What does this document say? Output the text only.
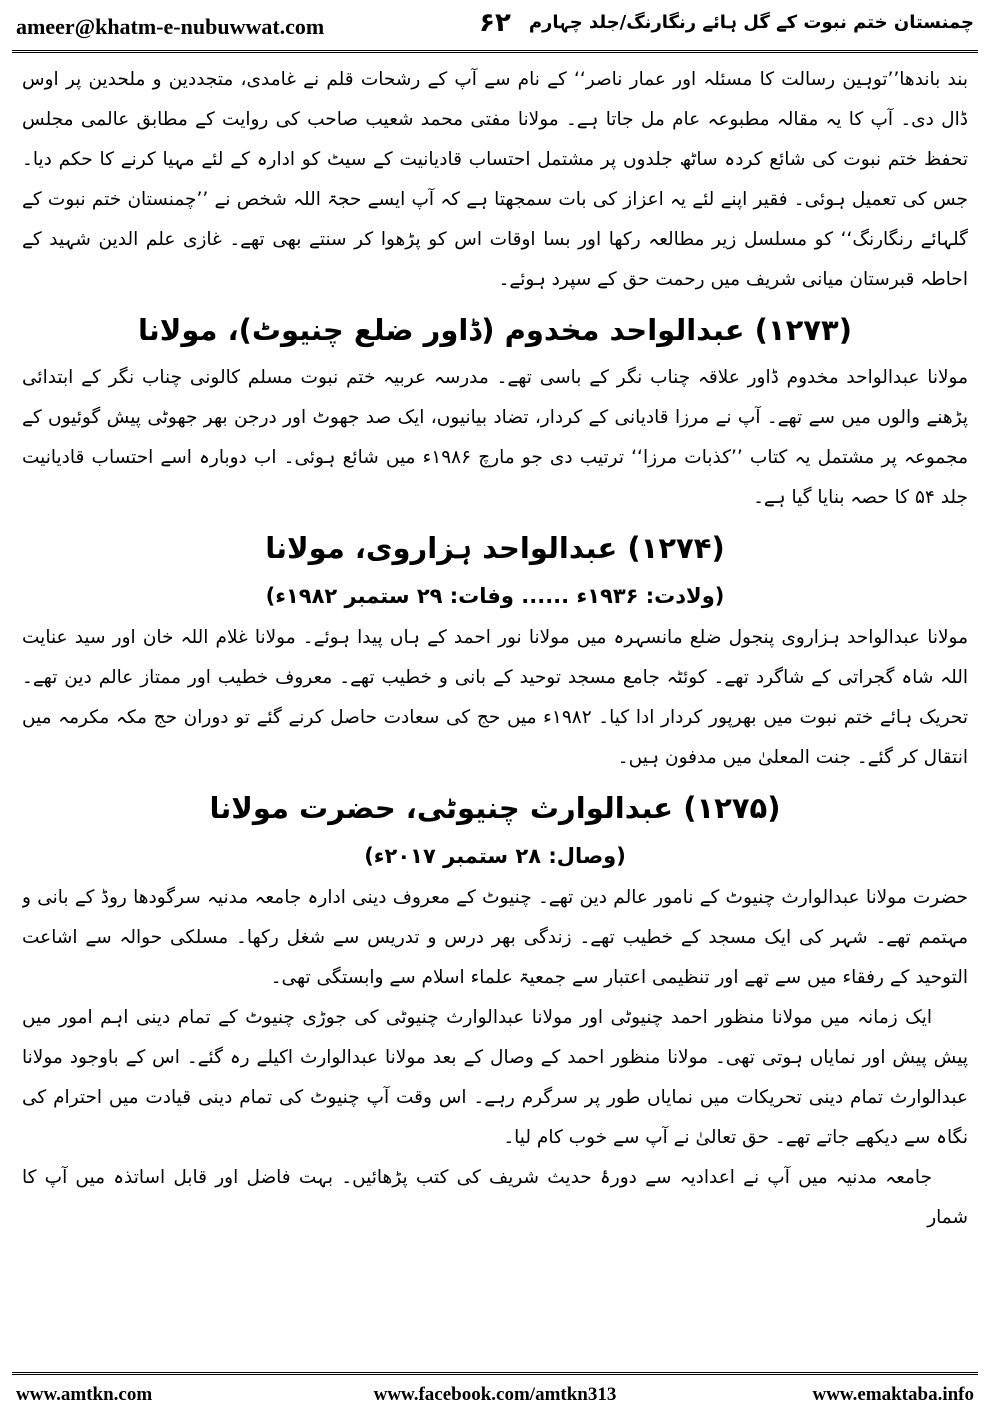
ameer@khatm-e-nubuwwat.com	۶۲ چمنستان ختم نبوت کے گل ہائے رنگارنگ/جلد چہارم

بند باندھا’’توہین رسالت کا مسئلہ اور عمار ناصر‘‘ کے نام سے آپ کے رشحات قلم نے غامدی، متجددین و ملحدین پر اوس ڈال دی۔ آپ کا یہ مقالہ مطبوعہ عام مل جاتا ہے۔ مولانا مفتی محمد شعیب صاحب کی روایت کے مطابق عالمی مجلس تحفظ ختم نبوت کی شائع کردہ ساٹھ جلدوں پر مشتمل احتساب قادیانیت کے سیٹ کو ادارہ کے لئے مہیا کرنے کا حکم دیا۔ جس کی تعمیل ہوئی۔ فقیر اپنے لئے یہ اعزاز کی بات سمجھتا ہے کہ آپ ایسے حجۃ اللہ شخص نے ’’چمنستان ختم نبوت کے گلہائے رنگارنگ‘‘ کو مسلسل زیر مطالعہ رکھا اور بسا اوقات اس کو پڑھوا کر سنتے بھی تھے۔ غازی علم الدین شہید کے احاطہ قبرستان میانی شریف میں رحمت حق کے سپرد ہوئے۔

(۱۲۷۳) عبدالواحد مخدوم (ڈاور ضلع چنیوٹ)، مولانا

مولانا عبدالواحد مخدوم ڈاور علاقہ چناب نگر کے باسی تھے۔ مدرسہ عربیہ ختم نبوت مسلم کالونی چناب نگر کے ابتدائی پڑھنے والوں میں سے تھے۔ آپ نے مرزا قادیانی کے کردار، تضاد بیانیوں، ایک صد جھوٹ اور درجن بھر جھوٹی پیش گوئیوں کے مجموعہ پر مشتمل یہ کتاب ’’کذبات مرزا‘‘ ترتیب دی جو مارچ ۱۹۸۶ء میں شائع ہوئی۔ اب دوبارہ اسے احتساب قادیانیت جلد ۵۴ کا حصہ بنایا گیا ہے۔

(۱۲۷۴) عبدالواحد ہزاروی، مولانا
(ولادت: ۱۹۳۶ء ...... وفات: ۲۹ ستمبر ۱۹۸۲ء)

مولانا عبدالواحد ہزاروی پنجول ضلع مانسہرہ میں مولانا نور احمد کے ہاں پیدا ہوئے۔ مولانا غلام اللہ خان اور سید عنایت اللہ شاہ گجراتی کے شاگرد تھے۔ کوئٹہ جامع مسجد توحید کے بانی و خطیب تھے۔ معروف خطیب اور ممتاز عالم دین تھے۔ تحریک ہائے ختم نبوت میں بھرپور کردار ادا کیا۔ ۱۹۸۲ء میں حج کی سعادت حاصل کرنے گئے تو دوران حج مکہ مکرمہ میں انتقال کر گئے۔ جنت المعلیٰ میں مدفون ہیں۔

(۱۲۷۵) عبدالوارث چنیوٹی، حضرت مولانا
(وصال: ۲۸ ستمبر ۲۰۱۷ء)

حضرت مولانا عبدالوارث چنیوٹ کے نامور عالم دین تھے۔ چنیوٹ کے معروف دینی ادارہ جامعہ مدنیہ سرگودھا روڈ کے بانی و مہتمم تھے۔ شہر کی ایک مسجد کے خطیب تھے۔ زندگی بھر درس و تدریس سے شغل رکھا۔ مسلکی حوالہ سے اشاعت التوحید کے رفقاء میں سے تھے اور تنظیمی اعتبار سے جمعیۃ علماء اسلام سے وابستگی تھی۔

ایک زمانہ میں مولانا منظور احمد چنیوٹی اور مولانا عبدالوارث چنیوٹی کی جوڑی چنیوٹ کے تمام دینی اہم امور میں پیش پیش اور نمایاں ہوتی تھی۔ مولانا منظور احمد کے وصال کے بعد مولانا عبدالوارث اکیلے رہ گئے۔ اس کے باوجود مولانا عبدالوارث تمام دینی تحریکات میں نمایاں طور پر سرگرم رہے۔ اس وقت آپ چنیوٹ کی تمام دینی قیادت میں احترام کی نگاہ سے دیکھے جاتے تھے۔ حق تعالیٰ نے آپ سے خوب کام لیا۔

جامعہ مدنیہ میں آپ نے اعدادیہ سے دورۂ حدیث شریف کی کتب پڑھائیں۔ بہت فاضل اور قابل اساتذہ میں آپ کا شمار

www.amtkn.com	www.facebook.com/amtkn313	www.emaktaba.info
